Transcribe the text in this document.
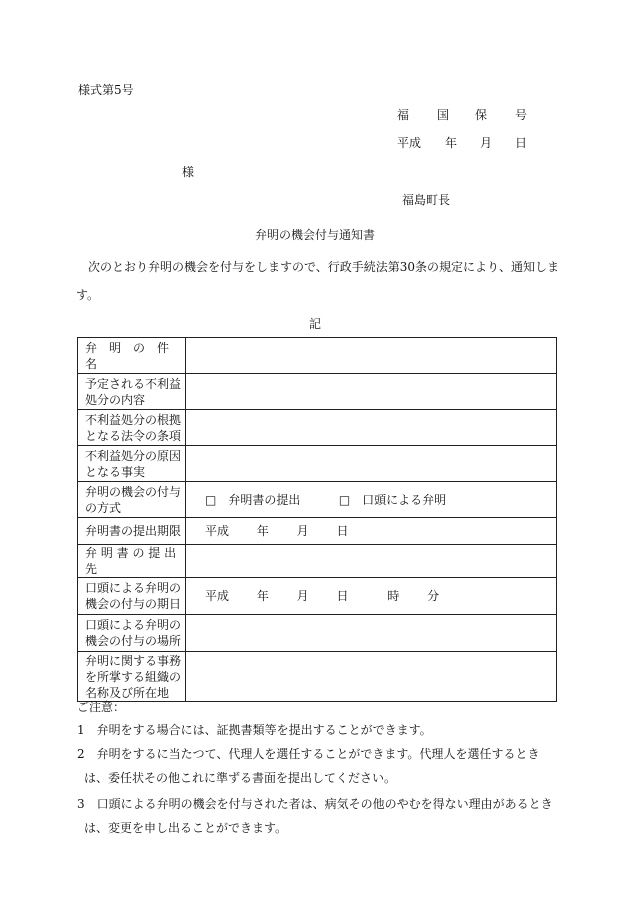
様式第5号
福 国 保 号
平成 年 月 日
様
福島町長
弁明の機会付与通知書
次のとおり弁明の機会を付与をしますので、行政手続法第30条の規定により、通知しま
す。
記
弁　明　の　件　名	

予定される不利益
処分の内容	

不利益処分の根拠
となる法令の条項	

不利益処分の原因
となる事実	

弁明の機会の付与
の方式	□　弁明書の提出 □　口頭による弁明
弁明書の提出期限	平成 年 月 日
弁 明 書 の 提 出 先	

口頭による弁明の
機会の付与の期日	平成 年 月 日 時 分

口頭による弁明の
機会の付与の場所	

弁明に関する事務
を所掌する組織の
名称及び所在地	

ご注意：
1　弁明をする場合には、証拠書類等を提出することができます。
2　弁明をするに当たつて、代理人を選任することができます。代理人を選任するとき
は、委任状その他これに準ずる書面を提出してください。
3　口頭による弁明の機会を付与された者は、病気その他のやむを得ない理由があるとき
は、変更を申し出ることができます。
